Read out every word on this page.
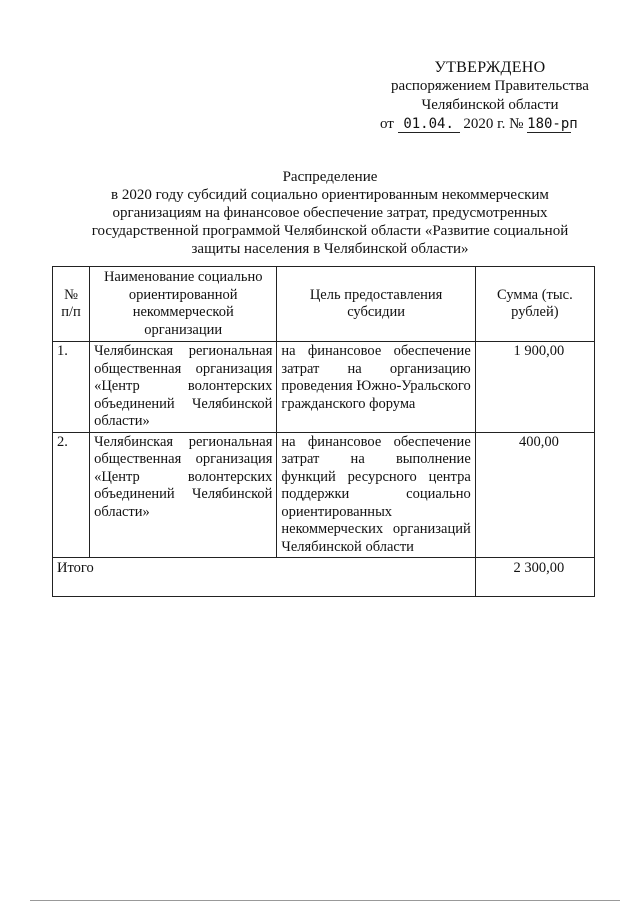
УТВЕРЖДЕНО
распоряжением Правительства
Челябинской области
от 01.04. 2020 г. № 180-рп
Распределение
в 2020 году субсидий социально ориентированным некоммерческим
организациям на финансовое обеспечение затрат, предусмотренных
государственной программой Челябинской области «Развитие социальной
защиты населения в Челябинской области»
№ п/п	Наименование социально ориентированной некоммерческой организации	Цель предоставления субсидии	Сумма (тыс. рублей)
1.	Челябинская региональная общественная организация «Центр волонтерских объединений Челябинской области»	на финансовое обеспечение затрат на организацию проведения Южно-Уральского гражданского форума	1 900,00
2.	Челябинская региональная общественная организация «Центр волонтерских объединений Челябинской области»	на финансовое обеспечение затрат на выполнение функций ресурсного центра поддержки социально ориентированных некоммерческих организаций Челябинской области	400,00
Итого			2 300,00
